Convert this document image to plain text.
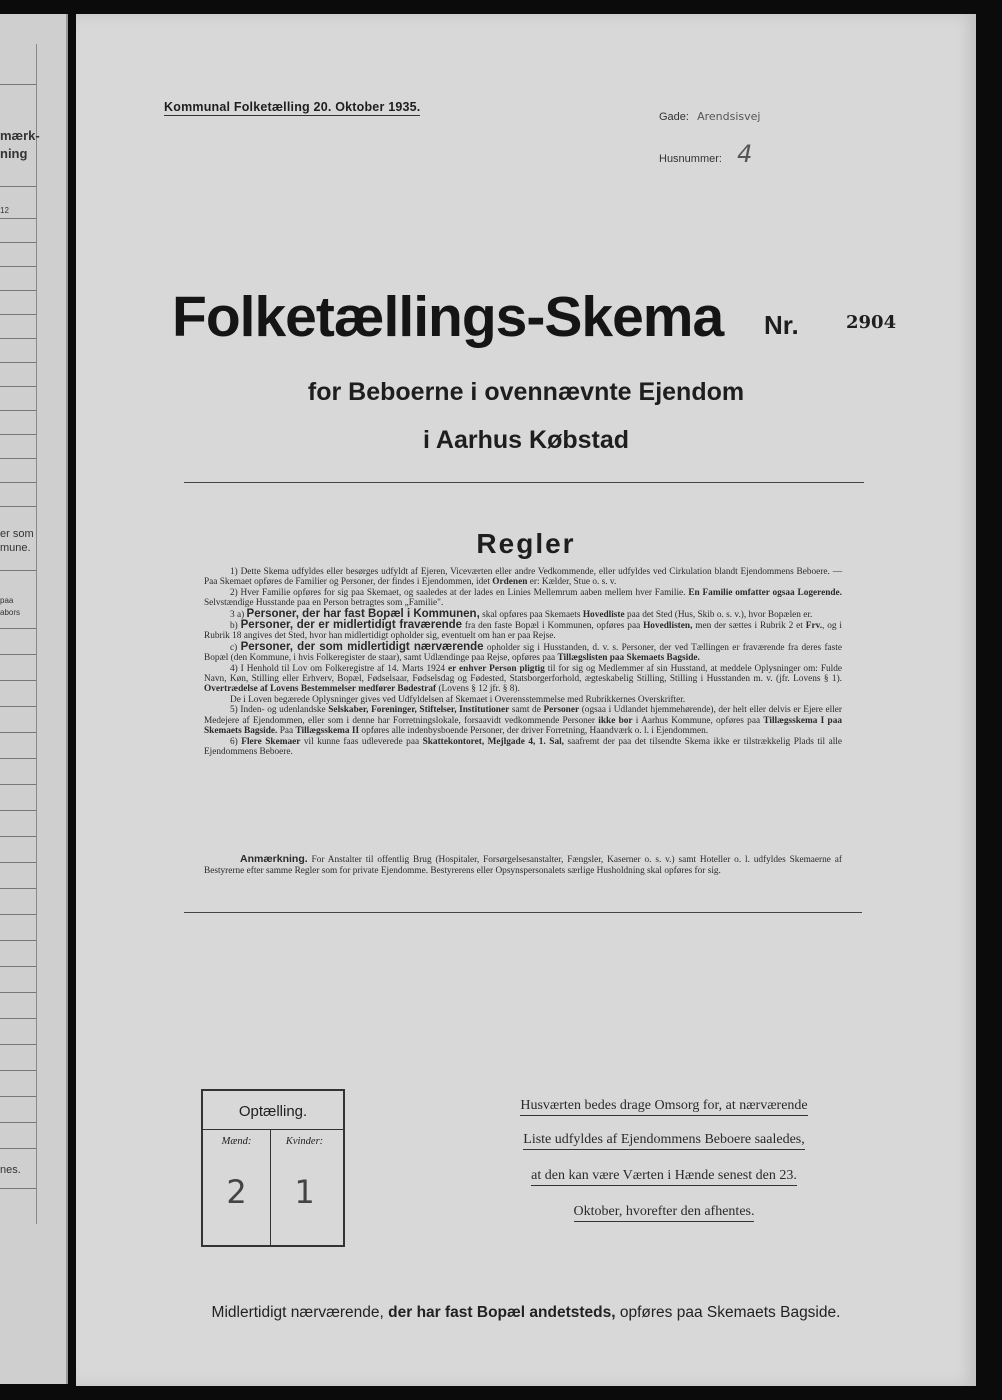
mærk-
ning
12
er som
mune.
paa
abors
nes.
Kommunal Folketælling 20. Oktober 1935.
Gade: Arendsisvej
Husnummer: 4
Folketællings-Skema	Nr.	2904
for Beboerne i ovennævnte Ejendom
i Aarhus Købstad
Regler

1) Dette Skema udfyldes eller besørges udfyldt af Ejeren, Viceværten eller andre Vedkommende, eller udfyldes ved Cirkulation blandt Ejendommens Beboere. — Paa Skemaet opføres de Familier og Personer, der findes i Ejendommen, idet Ordenen er: Kælder, Stue o. s. v.

2) Hver Familie opføres for sig paa Skemaet, og saaledes at der lades en Linies Mellemrum aaben mellem hver Familie. En Familie omfatter ogsaa Logerende. Selvstændige Husstande paa en Person betragtes som „Familie".

3 a) Personer, der har fast Bopæl i Kommunen, skal opføres paa Skemaets Hovedliste paa det Sted (Hus, Skib o. s. v.), hvor Bopælen er.

b) Personer, der er midlertidigt fraværende fra den faste Bopæl i Kommunen, opføres paa Hovedlisten, men der sættes i Rubrik 2 et Frv., og i Rubrik 18 angives det Sted, hvor han midlertidigt opholder sig, eventuelt om han er paa Rejse.

c) Personer, der som midlertidigt nærværende opholder sig i Husstanden, d. v. s. Personer, der ved Tællingen er fraværende fra deres faste Bopæl (den Kommune, i hvis Folkeregister de staar), samt Udlændinge paa Rejse, opføres paa Tillægslisten paa Skemaets Bagside.

4) I Henhold til Lov om Folkeregistre af 14. Marts 1924 er enhver Person pligtig til for sig og Medlemmer af sin Husstand, at meddele Oplysninger om: Fulde Navn, Køn, Stilling eller Erhverv, Bopæl, Fødselsaar, Fødselsdag og Fødested, Statsborgerforhold, ægteskabelig Stilling, Stilling i Husstanden m. v. (jfr. Lovens § 1). Overtrædelse af Lovens Bestemmelser medfører Bødestraf (Lovens § 12 jfr. § 8).

De i Loven begærede Oplysninger gives ved Udfyldelsen af Skemaet i Overensstemmelse med Rubrikkernes Overskrifter.

5) Inden- og udenlandske Selskaber, Foreninger, Stiftelser, Institutioner samt de Personer (ogsaa i Udlandet hjemmehørende), der helt eller delvis er Ejere eller Medejere af Ejendommen, eller som i denne har Forretningslokale, forsaavidt vedkommende Personer ikke bor i Aarhus Kommune, opføres paa Tillægsskema I paa Skemaets Bagside. Paa Tillægsskema II opføres alle indenbysboende Personer, der driver Forretning, Haandværk o. l. i Ejendommen.

6) Flere Skemaer vil kunne faas udleverede paa Skattekontoret, Mejlgade 4, 1. Sal, saafremt der paa det tilsendte Skema ikke er tilstrækkelig Plads til alle Ejendommens Beboere.

Anmærkning. For Anstalter til offentlig Brug (Hospitaler, Forsørgelsesanstalter, Fængsler, Kaserner o. s. v.) samt Hoteller o. l. udfyldes Skemaerne af Bestyrerne efter samme Regler som for private Ejendomme. Bestyrerens eller Opsynspersonalets særlige Husholdning skal opføres for sig.

Optælling.
Mænd:	Kvinder:
2	1
Husværten bedes drage Omsorg for, at nærværende
Liste udfyldes af Ejendommens Beboere saaledes,
at den kan være Værten i Hænde senest den 23.
Oktober, hvorefter den afhentes.
Midlertidigt nærværende, der har fast Bopæl andetsteds, opføres paa Skemaets Bagside.
